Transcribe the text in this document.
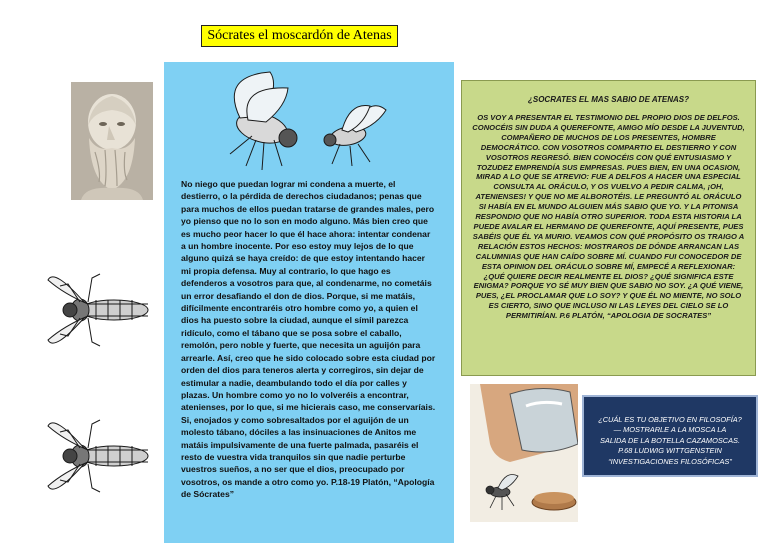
Sócrates el moscardón de Atenas
No niego que puedan lograr mi condena a muerte, el
destierro, o la pérdida de derechos ciudadanos; penas que
para muchos de ellos puedan tratarse de grandes males, pero
yo pienso que no lo son en modo alguno. Más bien creo que
es mucho peor hacer lo que él hace ahora: intentar condenar
a un hombre inocente. Por eso estoy muy lejos de lo que
alguno quizá se haya creído: de que estoy intentando hacer
mi propia defensa. Muy al contrario, lo que hago es
defenderos a vosotros para que, al condenarme, no cometáis
un error desafiando el don de dios. Porque, si me matáis,
difícilmente encontraréis otro hombre como yo, a quien el
dios ha puesto sobre la ciudad, aunque el símil parezca
ridículo, como el tábano que se posa sobre el caballo,
remolón, pero noble y fuerte, que necesita un aguijón para
arrearle. Así, creo que he sido colocado sobre esta ciudad por
orden del dios para teneros alerta y corregiros, sin dejar de
estimular a nadie, deambulando todo el día por calles y
plazas. Un hombre como yo no lo volveréis a encontrar,
atenienses, por lo que, si me hicierais caso, me conservaríais.
Si, enojados y como sobresaltados por el aguijón de un
molesto tábano, dóciles a las insinuaciones de Anitos me
matáis impulsivamente de una fuerte palmada, pasaréis el
resto de vuestra vida tranquilos sin que nadie perturbe
vuestros sueños, a no ser que el dios, preocupado por
vosotros, os mande a otro como yo. P.18-19 Platón, “Apología
de Sócrates”
¿SOCRATES EL MAS SABIO DE ATENAS?
OS VOY A PRESENTAR EL TESTIMONIO DEL PROPIO DIOS DE DELFOS. CONOCÉIS SIN DUDA A QUEREFONTE, AMIGO MÍO DESDE LA JUVENTUD, COMPAÑERO DE MUCHOS DE LOS PRESENTES, HOMBRE DEMOCRÁTICO. CON VOSOTROS COMPARTIO EL DESTIERRO Y CON VOSOTROS REGRESÓ. BIEN CONOCÉIS CON QUÉ ENTUSIASMO Y TOZUDEZ EMPRENDÍA SUS EMPRESAS. PUES BIEN, EN UNA OCASION, MIRAD A LO QUE SE ATREVIO: FUE A DELFOS A HACER UNA ESPECIAL CONSULTA AL ORÁCULO, Y OS VUELVO A PEDIR CALMA, ¡OH, ATENIENSES! Y QUE NO ME ALBOROTÉIS. LE PREGUNTÓ AL ORÁCULO SI HABÍA EN EL MUNDO ALGUIEN MÁS SABIO QUE YO. Y LA PITONISA RESPONDIO QUE NO HABÍA OTRO SUPERIOR. TODA ESTA HISTORIA LA PUEDE AVALAR EL HERMANO DE QUEREFONTE, AQUÍ PRESENTE, PUES SABÉIS QUE ÉL YA MURIO. VEAMOS CON QUÉ PROPÓSITO OS TRAIGO A RELACIÓN ESTOS HECHOS: MOSTRAROS DE DÓNDE ARRANCAN LAS CALUMNIAS QUE HAN CAÍDO SOBRE MÍ. CUANDO FUI CONOCEDOR DE ESTA OPINION DEL ORÁCULO SOBRE MÍ, EMPECÉ A REFLEXIONAR: ¿QUÉ QUIERE DECIR REALMENTE EL DIOS? ¿QUÉ SIGNIFICA ESTE ENIGMA? PORQUE YO SÉ MUY BIEN QUE SABIO NO SOY. ¿A QUÉ VIENE, PUES, ¿EL PROCLAMAR QUE LO SOY? Y QUE ÉL NO MIENTE, NO SOLO ES CIERTO, SINO QUE INCLUSO NI LAS LEYES DEL CIELO SE LO PERMITIRÍAN. P.6 PLATÓN, “APOLOGIA DE SOCRATES”
¿CUÁL ES TU OBJETIVO EN FILOSOFÍA?
— MOSTRARLE A LA MOSCA LA
SALIDA DE LA BOTELLA CAZAMOSCAS.
P.68 LUDWIG WITTGENSTEIN
“INVESTIGACIONES FILOSÓFICAS”
